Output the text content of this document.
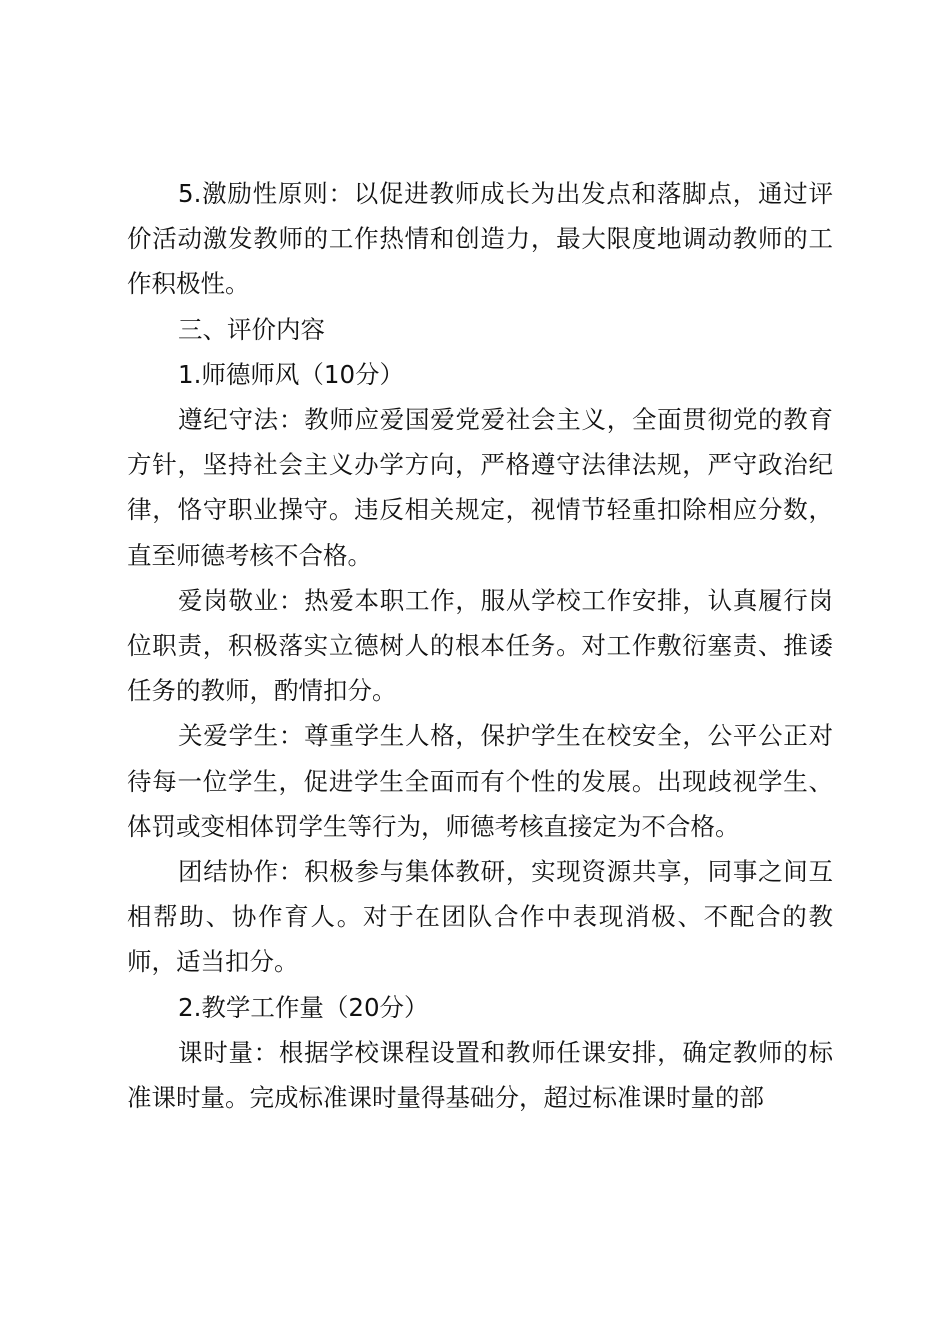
5.激励性原则：以促进教师成长为出发点和落脚点，通过评价活动激发教师的工作热情和创造力，最大限度地调动教师的工作积极性。

三、评价内容

1.师德师风（10分）

遵纪守法：教师应爱国爱党爱社会主义，全面贯彻党的教育方针，坚持社会主义办学方向，严格遵守法律法规，严守政治纪律，恪守职业操守。违反相关规定，视情节轻重扣除相应分数，直至师德考核不合格。

爱岗敬业：热爱本职工作，服从学校工作安排，认真履行岗位职责，积极落实立德树人的根本任务。对工作敷衍塞责、推诿任务的教师，酌情扣分。

关爱学生：尊重学生人格，保护学生在校安全，公平公正对待每一位学生，促进学生全面而有个性的发展。出现歧视学生、体罚或变相体罚学生等行为，师德考核直接定为不合格。

团结协作：积极参与集体教研，实现资源共享，同事之间互相帮助、协作育人。对于在团队合作中表现消极、不配合的教师，适当扣分。

2.教学工作量（20分）

课时量：根据学校课程设置和教师任课安排，确定教师的标准课时量。完成标准课时量得基础分，超过标准课时量的部
